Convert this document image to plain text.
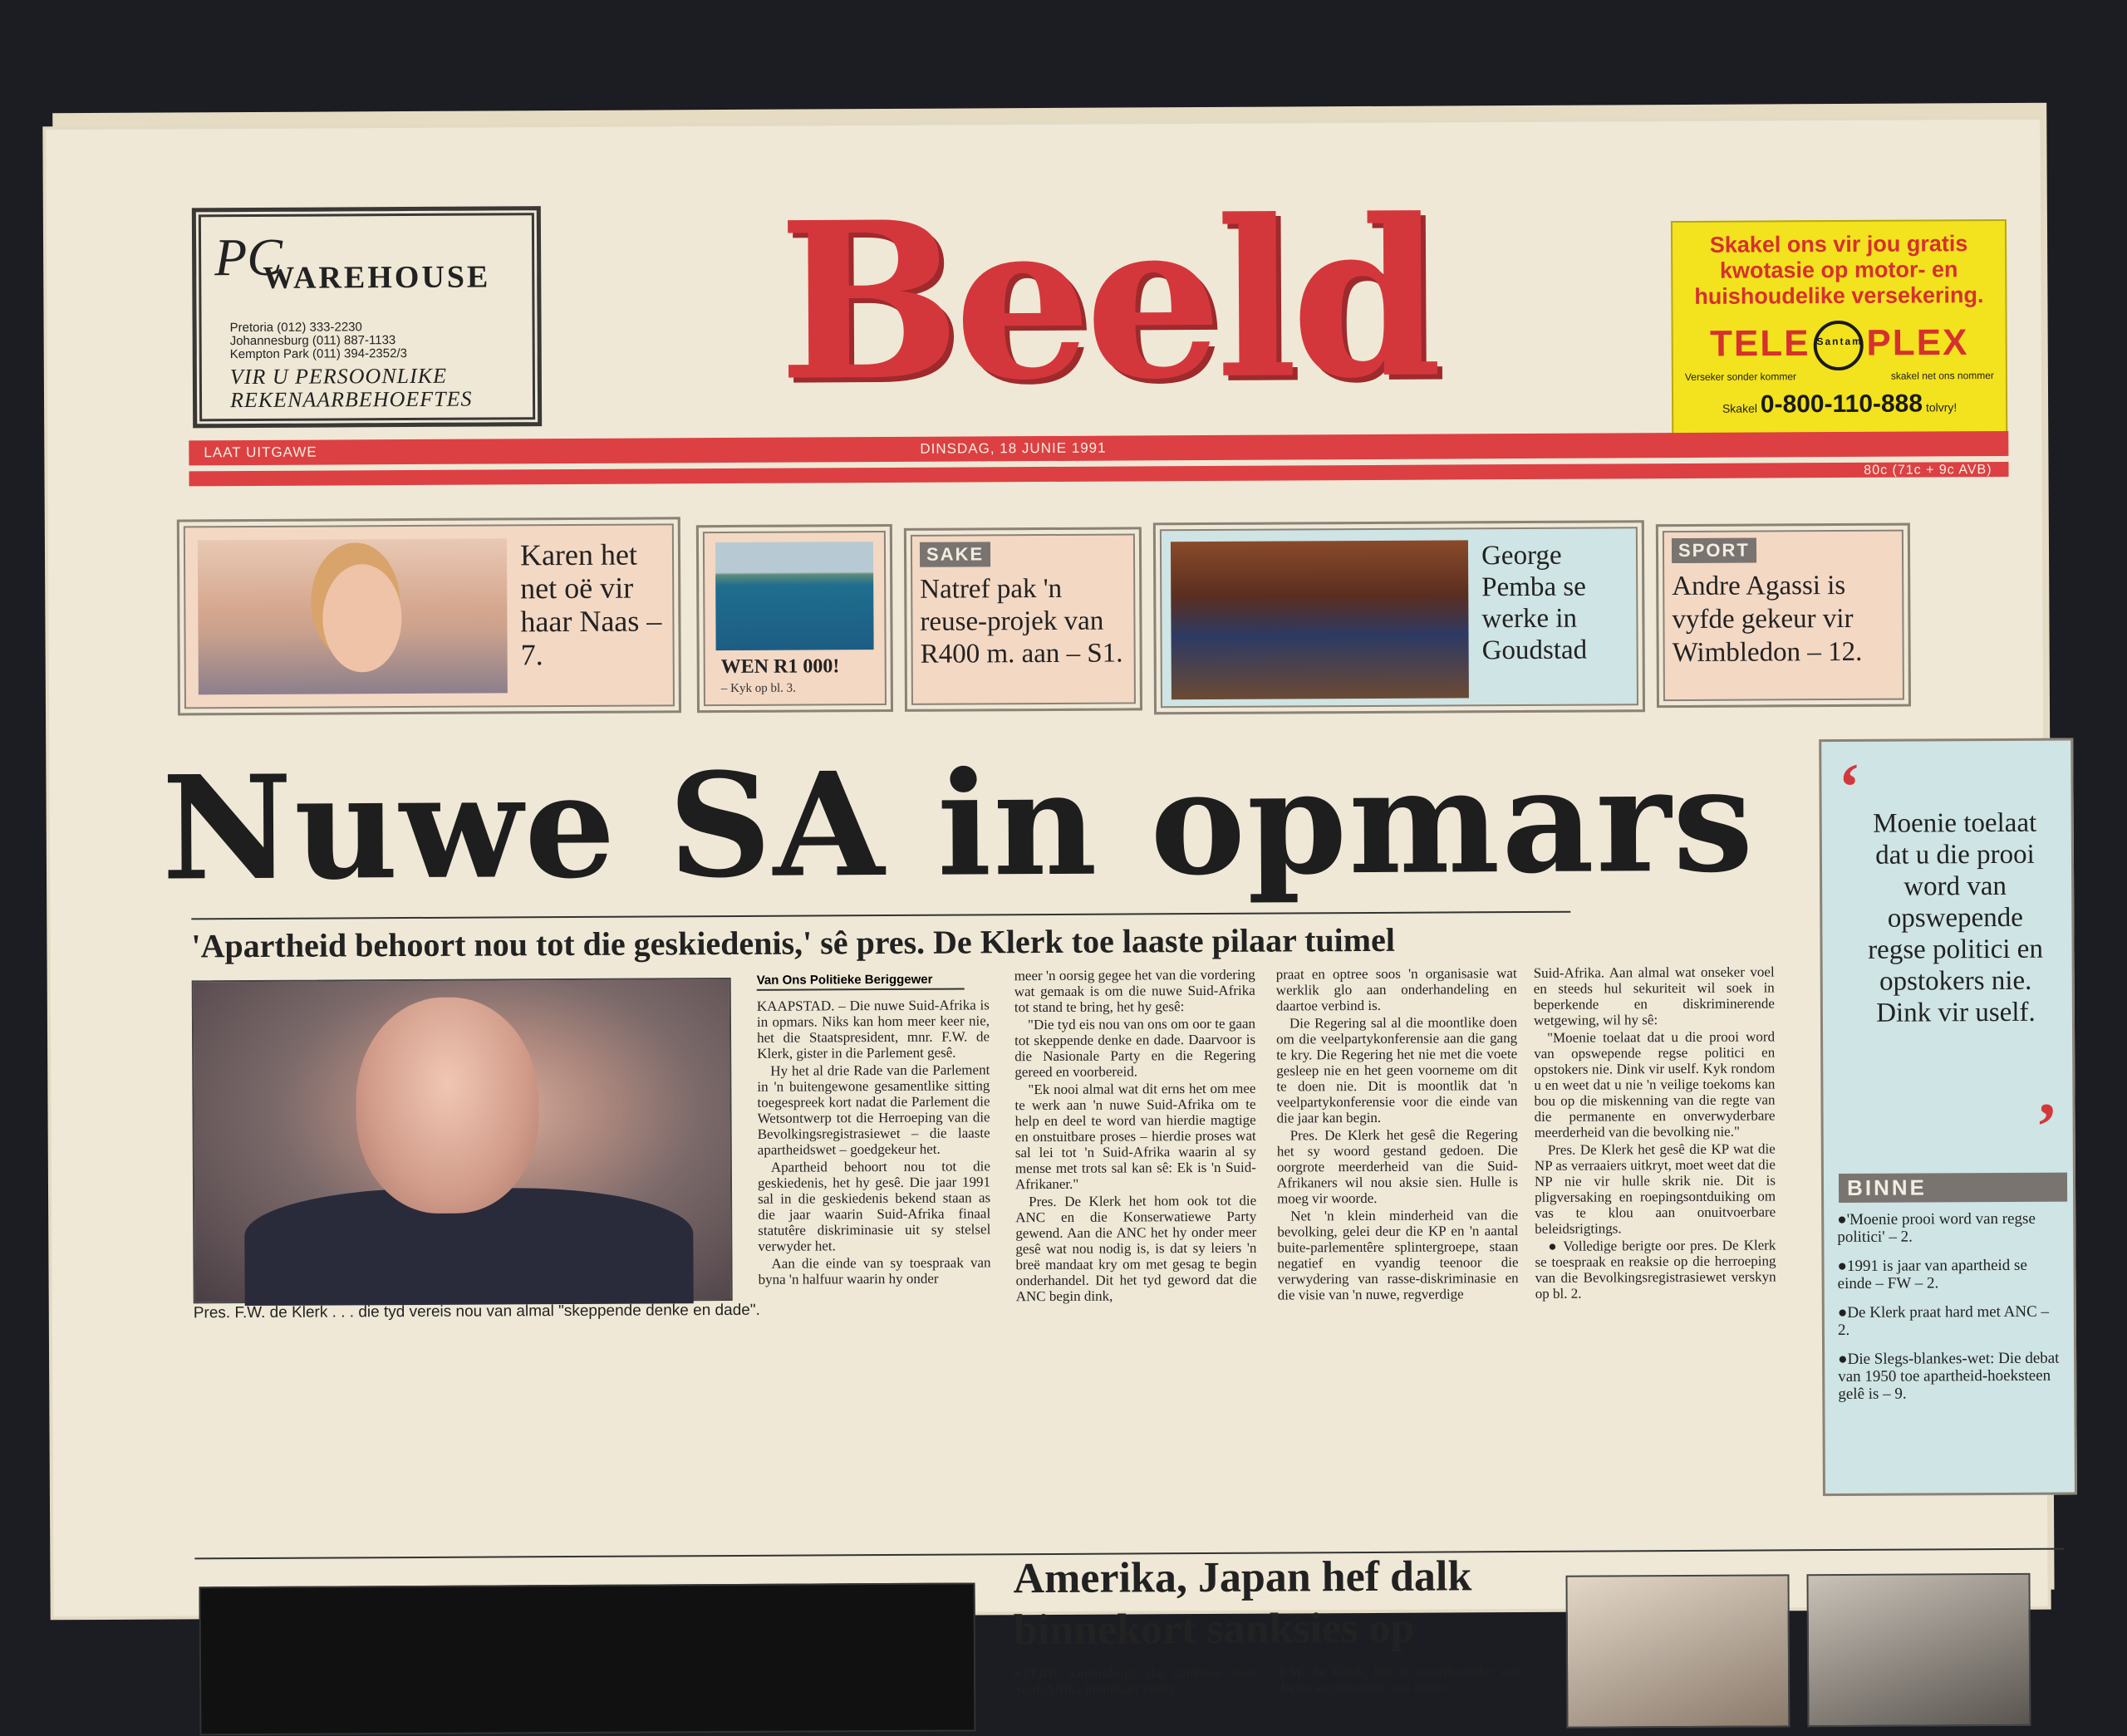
PC
WAREHOUSE
Pretoria (012) 333-2230
Johannesburg (011) 887-1133
Kempton Park (011) 394-2352/3
VIR U PERSOONLIKE
REKENAARBEHOEFTES Beeld	Skakel ons vir jou gratis kwotasie op motor- en huishoudelike versekering.
TELE Santam PLEX
Verseker sonder kommer	skakel net ons nommer
Skakel 0-800-110-888 tolvry!
LAAT UITGAWE	DINSDAG, 18 JUNIE 1991
80c (71c + 9c AVB)
Karen het net oë vir haar Naas – 7.	WEN R1 000!
– Kyk op bl. 3.
SAKE
Natref pak 'n reuse-projek van R400 m. aan – S1.
George Pemba se werke in Goudstad
SPORT
Andre Agassi is vyfde gekeur vir Wimbledon – 12.
Nuwe SA in opmars
'Apartheid behoort nou tot die geskiedenis,' sê pres. De Klerk toe laaste pilaar tuimel
‘ Moenie toelaat dat u die prooi word van opswepende regse politici en opstokers nie. Dink vir uself.
’
BINNE
● 'Moenie prooi word van regse politici' – 2.
● 1991 is jaar van apartheid se einde – FW – 2.
● De Klerk praat hard met ANC – 2.
● Die Slegs-blankes-wet: Die debat van 1950 toe apartheid-hoeksteen gelê is – 9.
Pres. F.W. de Klerk . . . die tyd vereis nou van almal "skeppende denke en dade".
Van Ons Politieke Beriggewer

KAAPSTAD. – Die nuwe Suid-Afrika is in opmars. Niks kan hom meer keer nie, het die Staatspresident, mnr. F.W. de Klerk, gister in die Parlement gesê.

Hy het al drie Rade van die Parlement in 'n buitengewone gesamentlike sitting toegespreek kort nadat die Parlement die Wetsontwerp tot die Herroeping van die Bevolkingsregistrasiewet – die laaste apartheidswet – goedgekeur het.

Apartheid behoort nou tot die geskiedenis, het hy gesê. Die jaar 1991 sal in die geskiedenis bekend staan as die jaar waarin Suid-Afrika finaal statutêre diskriminasie uit sy stelsel verwyder het.

Aan die einde van sy toespraak van byna 'n halfuur waarin hy onder

meer 'n oorsig gegee het van die vordering wat gemaak is om die nuwe Suid-Afrika tot stand te bring, het hy gesê:

"Die tyd eis nou van ons om oor te gaan tot skeppende denke en dade. Daarvoor is die Nasionale Party en die Regering gereed en voorbereid.

"Ek nooi almal wat dit erns het om mee te werk aan 'n nuwe Suid-Afrika om te help en deel te word van hierdie magtige en onstuitbare proses – hierdie proses wat sal lei tot 'n Suid-Afrika waarin al sy mense met trots sal kan sê: Ek is 'n Suid-Afrikaner."

Pres. De Klerk het hom ook tot die ANC en die Konserwatiewe Party gewend. Aan die ANC het hy onder meer gesê wat nou nodig is, is dat sy leiers 'n breë mandaat kry om met gesag te begin onderhandel. Dit het tyd geword dat die ANC begin dink,

praat en optree soos 'n organisasie wat werklik glo aan onderhandeling en daartoe verbind is.

Die Regering sal al die moontlike doen om die veelpartykonferensie aan die gang te kry. Die Regering het nie met die voete gesleep nie en het geen voorneme om dit te doen nie. Dit is moontlik dat 'n veelpartykonferensie voor die einde van die jaar kan begin.

Pres. De Klerk het gesê die Regering het sy woord gestand gedoen. Die oorgrote meerderheid van die Suid-Afrikaners wil nou aksie sien. Hulle is moeg vir woorde.

Net 'n klein minderheid van die bevolking, gelei deur die KP en 'n aantal buite-parlementêre splintergroepe, staan negatief en vyandig teenoor die verwydering van rasse-diskriminasie en die visie van 'n nuwe, regverdige

Suid-Afrika. Aan almal wat onseker voel en steeds hul sekuriteit wil soek in beperkende en diskriminerende wetgewing, wil hy sê:

"Moenie toelaat dat u die prooi word van opswepende regse politici en opstokers nie. Dink vir uself. Kyk rondom u en weet dat u nie 'n veilige toekoms kan bou op die miskenning van die regte van die permanente en onverwyderbare meerderheid van die bevolking nie."

Pres. De Klerk het gesê die KP wat die NP as verraaiers uitkryt, moet weet dat die NP nie vir hulle skrik nie. Dit is pligversaking en roepingsontduiking om vas te klou aan onuitvoerbare beleidsrigtings.

● Volledige berigte oor pres. De Klerk se toespraak en reaksie op die herroeping van die Bevolkingsregistrasiewet verskyn op bl. 2.

Amerika, Japan hef dalk binnekort sanksies op
STERK aanduidinge dat sanksies teen Suid-Afrika binnekort verlig
F.W. de Klerk, het 'n woordvoerder van Japan se ministerie van buite-
